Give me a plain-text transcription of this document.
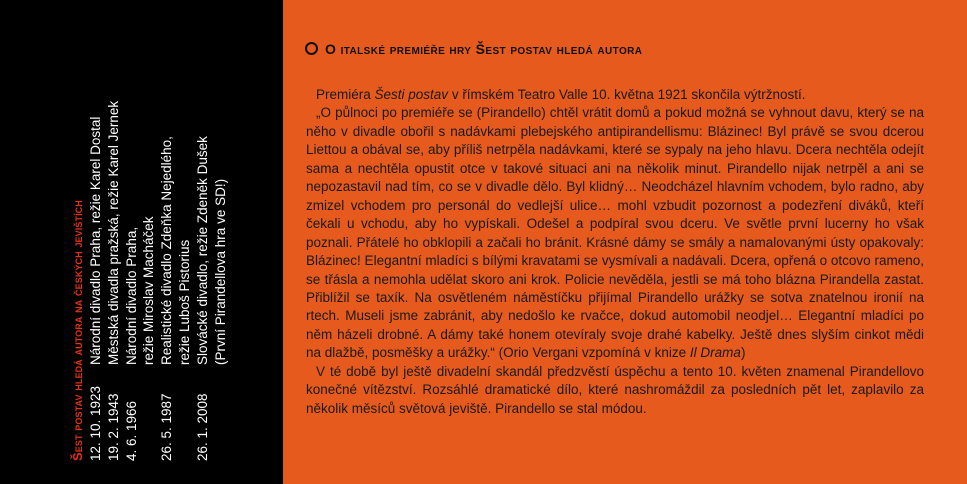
Šest postav hledá autora na českých jevištích 12. 10. 1923
Národní divadlo Praha, režie Karel Dostal
19. 2. 1943
Městská divadla pražská, režie Karel Jernek
4. 6. 1966
Národní divadlo Praha, režie Miroslav Macháček
26. 5. 1987
Realistické divadlo Zdeňka Nejedlého, režie Luboš Pistorius
26. 1. 2008
Slovácké divadlo, režie Zdeněk Dušek (První Pirandellova hra ve SD!)
O italské premiéře hry Šest postav hledá autora

Premiéra Šesti postav v římském Teatro Valle 10. května 1921 skončila výtržností.

„O půlnoci po premiéře se (Pirandello) chtěl vrátit domů a pokud možná se vyhnout davu, který se na něho v divadle obořil s nadávkami plebejského antipirandellismu: Blázinec! Byl právě se svou dcerou Liettou a obával se, aby příliš netrpěla nadávkami, které se sypaly na jeho hlavu. Dcera nechtěla odejít sama a nechtěla opustit otce v takové situaci ani na několik minut. Pirandello nijak netrpěl a ani se nepozastavil nad tím, co se v divadle dělo. Byl klidný… Neodcházel hlavním vchodem, bylo radno, aby zmizel vchodem pro personál do vedlejší ulice… mohl vzbudit pozornost a podezření diváků, kteří čekali u vchodu, aby ho vypískali. Odešel a podpíral svou dceru. Ve světle první lucerny ho však poznali. Přátelé ho obklopili a začali ho bránit. Krásné dámy se smály a namalovanými ústy opakovaly: Blázinec! Elegantní mladíci s bílými kravatami se vysmívali a nadávali. Dcera, opřená o otcovo rameno, se třásla a nemohla udělat skoro ani krok. Policie nevěděla, jestli se má toho blázna Pirandella zastat. Přiblížil se taxík. Na osvětleném náměstíčku přijímal Pirandello urážky se sotva znatelnou ironií na rtech. Museli jsme zabránit, aby nedošlo ke rvačce, dokud automobil neodjel… Elegantní mladíci po něm házeli drobné. A dámy také honem otevíraly svoje drahé kabelky. Ještě dnes slyším cinkot mědi na dlažbě, posměšky a urážky.“ (Orio Vergani vzpomíná v knize Il Drama)

V té době byl ještě divadelní skandál předzvěstí úspěchu a tento 10. květen znamenal Pirandellovo konečné vítězství. Rozsáhlé dramatické dílo, které nashromáždil za posledních pět let, zaplavilo za několik měsíců světová jeviště. Pirandello se stal módou.
